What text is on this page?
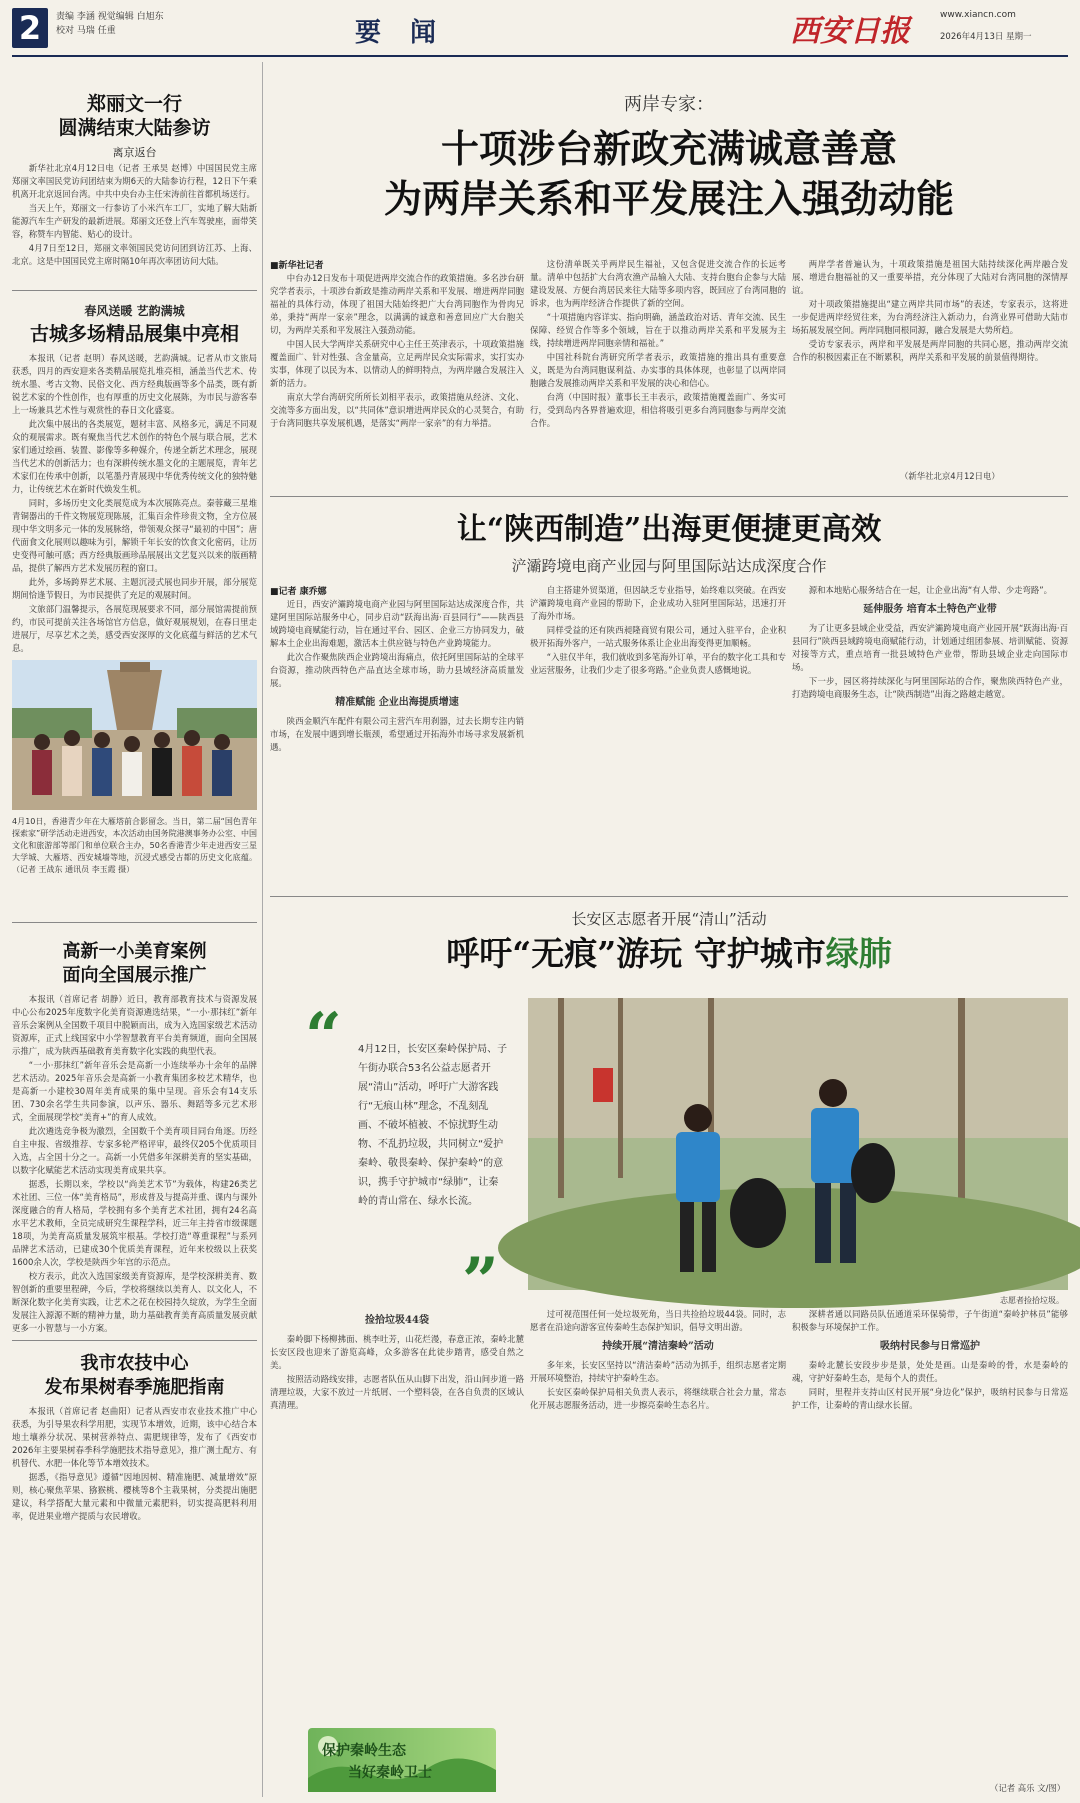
2	责编 李涵 视觉编辑 白旭东
校对 马瑞 任重	要 闻	西安日报	www.xiancn.com
2026年4月13日 星期一
郑丽文一行
圆满结束大陆参访
离京返台

新华社北京4月12日电（记者 王承昊 赵博）中国国民党主席郑丽文率国民党访问团结束为期6天的大陆参访行程，12日下午乘机离开北京返回台湾。中共中央台办主任宋涛前往首都机场送行。

当天上午，郑丽文一行参访了小米汽车工厂，实地了解大陆新能源汽车生产研发的最新进展。郑丽文还登上汽车驾驶座，面带笑容，称赞车内智能、贴心的设计。

4月7日至12日，郑丽文率领国民党访问团到访江苏、上海、北京。这是中国国民党主席时隔10年再次率团访问大陆。

春风送暖 艺韵满城
古城多场精品展集中亮相

本报讯（记者 赵明）春风送暖，艺韵满城。记者从市文旅局获悉，四月的西安迎来各类精品展览扎堆亮相，涵盖当代艺术、传统水墨、考古文物、民俗文化、西方经典版画等多个品类，既有新锐艺术家的个性创作，也有厚重的历史文化展陈，为市民与游客奉上一场兼具艺术性与观赏性的春日文化盛宴。

此次集中展出的各类展览，题材丰富、风格多元，满足不同观众的观展需求。既有聚焦当代艺术创作的特色个展与联合展，艺术家们通过绘画、装置、影像等多种媒介，传递全新艺术理念，展现当代艺术的创新活力；也有深耕传统水墨文化的主题展览，青年艺术家们在传承中创新，以笔墨丹青展现中华优秀传统文化的独特魅力，让传统艺术在新时代焕发生机。

同时，多场历史文化类展览成为本次展陈亮点。秦蓉藏三星堆青铜器出的千件文物展览现陈展，汇集百余件珍贵文物，全方位展现中华文明多元一体的发展脉络，带领观众探寻“最初的中国”；唐代面食文化展则以趣味为引，解锁千年长安的饮食文化密码，让历史变得可触可感；西方经典版画珍品展展出文艺复兴以来的版画精品，提供了解西方艺术发展历程的窗口。

此外，多场跨界艺术展、主题沉浸式展也同步开展，部分展览期间恰逢节假日，为市民提供了充足的观展时间。

文旅部门温馨提示，各展览现展要求不同，部分展馆需提前预约，市民可提前关注各场馆官方信息，做好观展规划，在春日里走进展厅，尽享艺术之美，感受西安深厚的文化底蕴与鲜活的艺术气息。

4月10日，香港青少年在大雁塔前合影留念。当日，第二届“国色青年探索家”研学活动走进西安，本次活动由国务院港澳事务办公室、中国文化和旅游部等部门和单位联合主办，50名香港青少年走进西安三星大学城、大雁塔、西安城墙等地，沉浸式感受古都的历史文化底蕴。（记者 王战东 通讯员 李玉霞 摄）
高新一小美育案例
面向全国展示推广

本报讯（首席记者 胡静）近日，教育部教育技术与资源发展中心公布2025年度数字化美育资源遴选结果，“一小·那抹红”新年音乐会案例从全国数千项目中脱颖而出，成为入选国家级艺术活动资源库，正式上线国家中小学智慧教育平台美育频道，面向全国展示推广，成为陕西基础教育美育数字化实践的典型代表。

“一小·那抹红”新年音乐会是高新一小连续举办十余年的品牌艺术活动。2025年音乐会是高新一小教育集团多校艺术精华，也是高新一小建校30周年美育成果的集中呈现。音乐会有14支乐团、730余名学生共同参演，以声乐、器乐、舞蹈等多元艺术形式，全面展现学校“美育+”的育人成效。

此次遴选竞争极为激烈，全国数千个美育项目同台角逐。历经自主申报、省级推荐、专家多轮严格评审，最终仅205个优质项目入选，占全国十分之一。高新一小凭借多年深耕美育的坚实基础，以数字化赋能艺术活动实现美育成果共享。

据悉，长期以来，学校以“尚美艺术节”为载体，构建26类艺术社团、三位一体“美育格局”，形成普及与提高并重、课内与课外深度融合的育人格局，学校拥有多个美育艺术社团，拥有24名高水平艺术教师，全员完成研究生课程学科，近三年主持省市级课题18项，为美育高质量发展筑牢根基。学校打造“尊重课程”与系列品牌艺术活动，已建成30个优质美育课程，近年来校级以上获奖1600余人次，学校是陕西少年宫的示范点。

校方表示，此次入选国家级美育资源库，是学校深耕美育、数智创新的重要里程碑，今后，学校将继续以美育人、以文化人，不断深化数字化美育实践，让艺术之花在校园持久绽放，为学生全面发展注入源源不断的精神力量，助力基础教育美育高质量发展贡献更多一小智慧与一小方案。

我市农技中心
发布果树春季施肥指南

本报讯（首席记者 赵曲阳）记者从西安市农业技术推广中心获悉，为引导果农科学用肥，实现节本增效，近期，该中心结合本地土壤养分状况、果树营养特点、需肥规律等，发布了《西安市2026年主要果树春季科学施肥技术指导意见》，推广测土配方、有机替代、水肥一体化等节本增效技术。

据悉，《指导意见》遵循“因地因树、精准施肥、减量增效”原则，核心聚焦苹果、猕猴桃、樱桃等8个主栽果树，分类提出施肥建议，科学搭配大量元素和中微量元素肥料，切实提高肥料利用率，促进果业增产提质与农民增收。

两岸专家：
十项涉台新政充满诚意善意
为两岸关系和平发展注入强劲动能
■新华社记者

中台办12日发布十项促进两岸交流合作的政策措施。多名涉台研究学者表示，十项涉台新政是推动两岸关系和平发展、增进两岸同胞福祉的具体行动，体现了祖国大陆始终把广大台湾同胞作为骨肉兄弟，秉持“两岸一家亲”理念，以满满的诚意和善意回应广大台胞关切，为两岸关系和平发展注入强劲动能。

中国人民大学两岸关系研究中心主任王英津表示，十项政策措施覆盖面广、针对性强、含金量高，立足两岸民众实际需求，实打实办实事，体现了以民为本、以情动人的鲜明特点，为两岸融合发展注入新的活力。

南京大学台湾研究所所长刘相平表示，政策措施从经济、文化、交流等多方面出发，以“共同体”意识增进两岸民众的心灵契合，有助于台湾同胞共享发展机遇，是落实“两岸一家亲”的有力举措。

这份清单既关乎两岸民生福祉，又包含促进交流合作的长远考量。清单中包括扩大台湾农渔产品输入大陆、支持台胞台企参与大陆建设发展、方便台湾居民来往大陆等多项内容，既回应了台湾同胞的诉求，也为两岸经济合作提供了新的空间。

“十项措施内容详实、指向明确，涵盖政治对话、青年交流、民生保障、经贸合作等多个领域，旨在于以推动两岸关系和平发展为主线，持续增进两岸同胞亲情和福祉。”

中国社科院台湾研究所学者表示，政策措施的推出具有重要意义，既是为台湾同胞谋利益、办实事的具体体现，也彰显了以两岸同胞融合发展推动两岸关系和平发展的决心和信心。

台湾（中国时报）董事长王丰表示，政策措施覆盖面广、务实可行，受到岛内各界普遍欢迎，相信将吸引更多台湾同胞参与两岸交流合作。

两岸学者普遍认为，十项政策措施是祖国大陆持续深化两岸融合发展、增进台胞福祉的又一重要举措，充分体现了大陆对台湾同胞的深情厚谊。

对十项政策措施提出“建立两岸共同市场”的表述，专家表示，这将进一步促进两岸经贸往来，为台湾经济注入新动力，台湾业界可借助大陆市场拓展发展空间。两岸同胞同根同源，融合发展是大势所趋。

受访专家表示，两岸和平发展是两岸同胞的共同心愿，推动两岸交流合作的积极因素正在不断累积，两岸关系和平发展的前景值得期待。

（新华社北京4月12日电）
让“陕西制造”出海更便捷更高效
浐灞跨境电商产业园与阿里国际站达成深度合作
■记者 康乔娜

近日，西安浐灞跨境电商产业园与阿里国际站达成深度合作，共建阿里国际站服务中心，同步启动“跃海出海·百县同行”——陕西县域跨境电商赋能行动，旨在通过平台、园区、企业三方协同发力，破解本土企业出海难题，激活本土供应链与特色产业跨境能力。

此次合作聚焦陕西企业跨境出海痛点，依托阿里国际站的全球平台资源，推动陕西特色产品直达全球市场，助力县域经济高质量发展。

精准赋能 企业出海提质增速

陕西金顺汽车配件有限公司主营汽车用刹器，过去长期专注内销市场，在发展中遇到增长瓶颈，希望通过开拓海外市场寻求发展新机遇。

自主搭建外贸渠道，但因缺乏专业指导，始终难以突破。在西安浐灞跨境电商产业园的帮助下，企业成功入驻阿里国际站，迅速打开了海外市场。

同样受益的还有陕西昶隆商贸有限公司，通过入驻平台，企业积极开拓海外客户，一站式服务体系让企业出海变得更加顺畅。

“入驻仅半年，我们就收到多笔海外订单，平台的数字化工具和专业运营服务，让我们少走了很多弯路。”企业负责人感慨地说。

源和本地贴心服务结合在一起，让企业出海“有人带、少走弯路”。

延伸服务 培育本土特色产业带

为了让更多县域企业受益，西安浐灞跨境电商产业园开展“跃海出海·百县同行”陕西县域跨境电商赋能行动，计划通过组团参展、培训赋能、资源对接等方式，重点培育一批县域特色产业带，帮助县域企业走向国际市场。

下一步，园区将持续深化与阿里国际站的合作，聚焦陕西特色产业，打造跨境电商服务生态，让“陕西制造”出海之路越走越宽。

长安区志愿者开展“清山”活动
呼吁“无痕”游玩 守护城市绿肺
“ 4月12日，长安区秦岭保护局、子午街办联合53名公益志愿者开展“清山”活动，呼吁广大游客践行“无痕山林”理念，不乱刻乱画、不破坏植被、不惊扰野生动物、不乱扔垃圾，共同树立“爱护秦岭、敬畏秦岭、保护秦岭”的意识，携手守护城市“绿肺”，让秦岭的青山常在、绿水长流。
”	志愿者捡拾垃圾。
捡拾垃圾44袋

秦岭脚下杨柳拂面、桃李吐芳，山花烂漫，春意正浓，秦岭北麓长安区段也迎来了游览高峰，众多游客在此徒步踏青，感受自然之美。

按照活动路线安排，志愿者队伍从山脚下出发，沿山间步道一路清理垃圾，大家不放过一片纸屑、一个塑料袋，在各自负责的区域认真清理。

过可视范围任何一处垃圾死角，当日共捡拾垃圾44袋。同时，志愿者在沿途向游客宣传秦岭生态保护知识，倡导文明出游。

持续开展“清洁秦岭”活动

多年来，长安区坚持以“清洁秦岭”活动为抓手，组织志愿者定期开展环境整治，持续守护秦岭生态。

长安区秦岭保护局相关负责人表示，将继续联合社会力量，常态化开展志愿服务活动，进一步擦亮秦岭生态名片。

深耕者通以同路员队伍通道采环保骑带，子午街道“秦岭护林员”能够积极参与环境保护工作。

吸纳村民参与日常巡护

秦岭北麓长安段步步是景，处处是画。山是秦岭的骨，水是秦岭的魂，守护好秦岭生态，是每个人的责任。

同时，里程并支持山区村民开展“身边化”保护，吸纳村民参与日常巡护工作，让秦岭的青山绿水长留。

（记者 高乐 文/图）
保护秦岭生态
当好秦岭卫士
